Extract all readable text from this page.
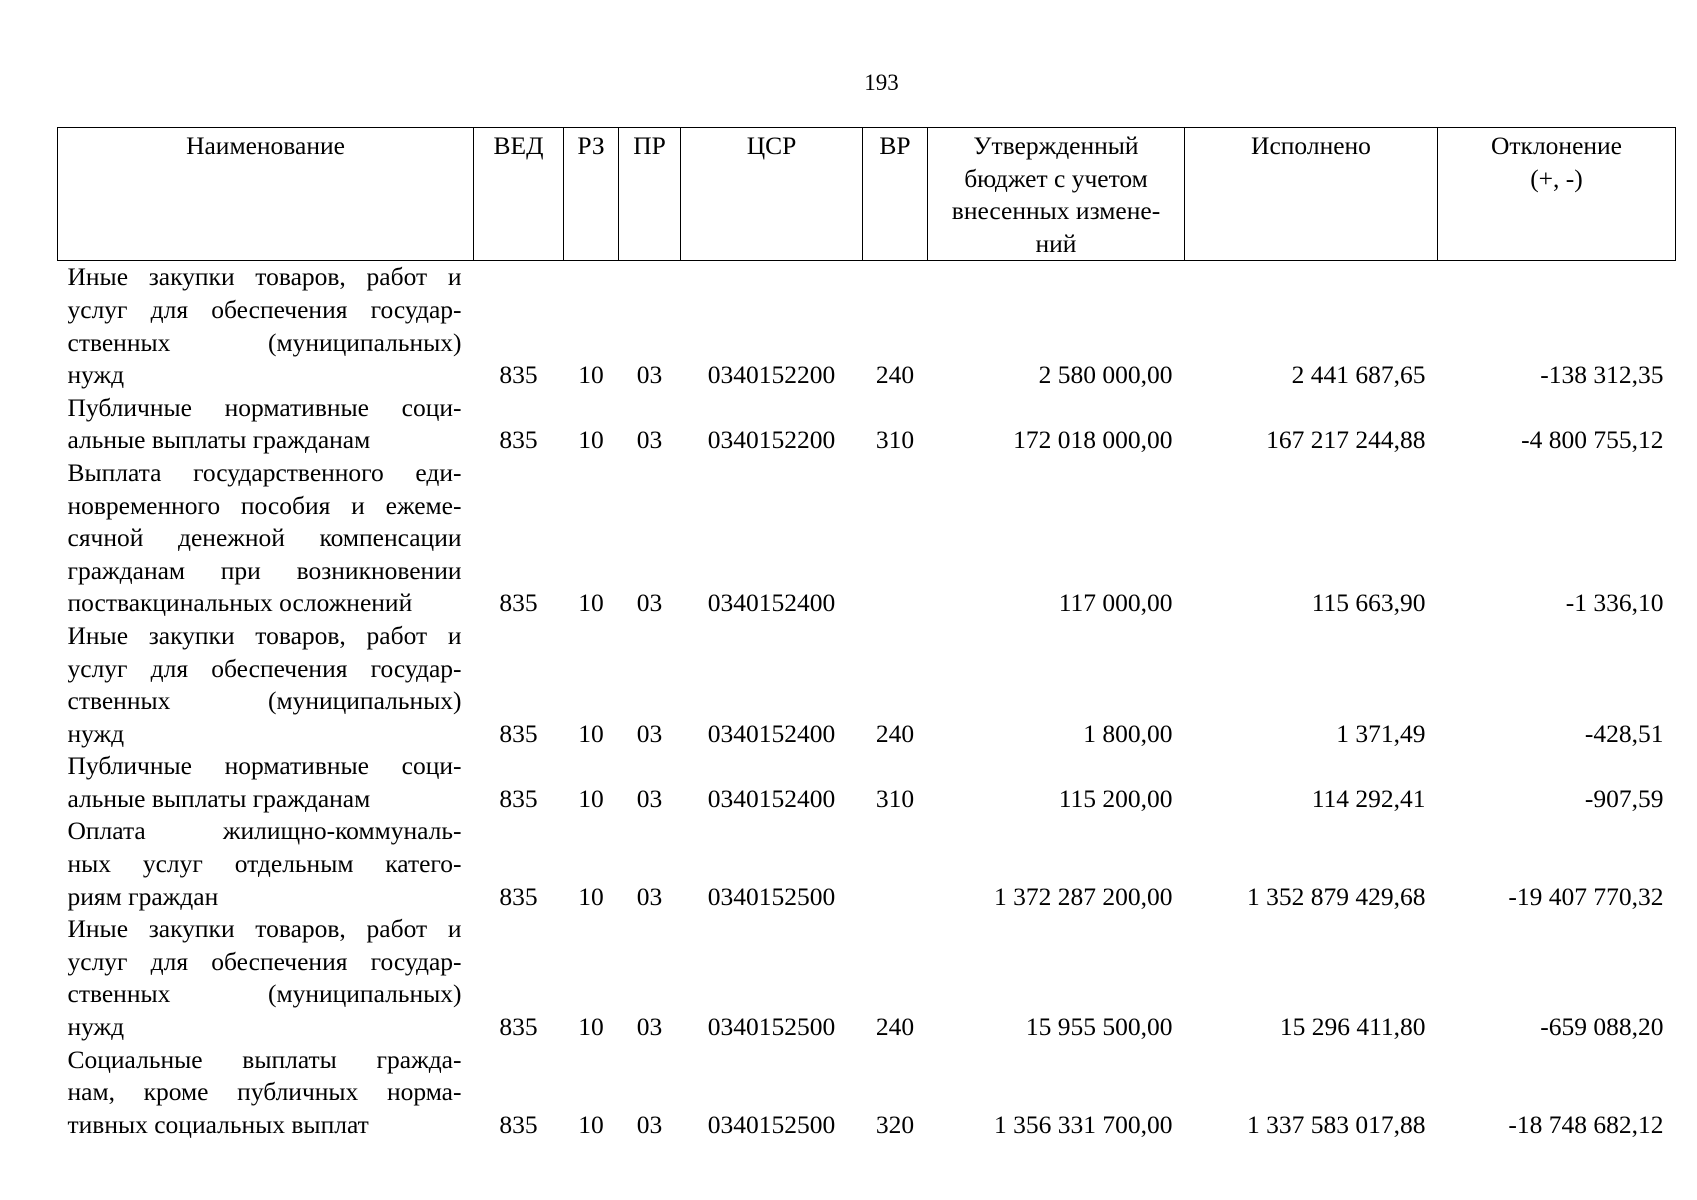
193
Наименование	ВЕД	РЗ	ПР	ЦСР	ВР	Утвержденный
бюджет с учетом
внесенных измене-
ний	Исполнено	Отклонение
(+, -)

Иные закупки товаров, работ и
услуг для обеспечения государ-
ственных (муниципальных)
нужд	835	10	03	0340152200	240	2 580 000,00	2 441 687,65	-138 312,35

Публичные нормативные соци-
альные выплаты гражданам	835	10	03	0340152200	310	172 018 000,00	167 217 244,88	-4 800 755,12

Выплата государственного еди-
новременного пособия и ежеме-
сячной денежной компенсации
гражданам при возникновении
поствакцинальных осложнений	835	10	03	0340152400		117 000,00	115 663,90	-1 336,10

Иные закупки товаров, работ и
услуг для обеспечения государ-
ственных (муниципальных)
нужд	835	10	03	0340152400	240	1 800,00	1 371,49	-428,51

Публичные нормативные соци-
альные выплаты гражданам	835	10	03	0340152400	310	115 200,00	114 292,41	-907,59

Оплата жилищно-коммуналь-
ных услуг отдельным катего-
риям граждан	835	10	03	0340152500		1 372 287 200,00	1 352 879 429,68	-19 407 770,32

Иные закупки товаров, работ и
услуг для обеспечения государ-
ственных (муниципальных)
нужд	835	10	03	0340152500	240	15 955 500,00	15 296 411,80	-659 088,20

Социальные выплаты гражда-
нам, кроме публичных норма-
тивных социальных выплат	835	10	03	0340152500	320	1 356 331 700,00	1 337 583 017,88	-18 748 682,12
